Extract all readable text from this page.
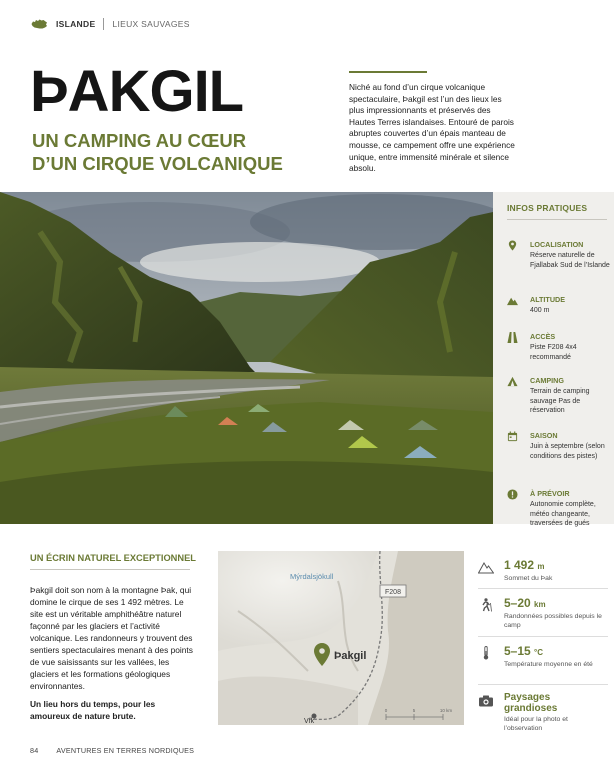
ISLANDE LIEUX SAUVAGES
ÞAKGIL
UN CAMPING AU CŒUR
D’UN CIRQUE VOLCANIQUE
Niché au fond d’un cirque volcanique spectaculaire, Þakgil est l’un des lieux les plus impressionnants et préservés des Hautes Terres islandaises. Entouré de parois abruptes couvertes d’un épais manteau de mousse, ce campement offre une expérience unique, entre immensité minérale et silence absolu.
INFOS PRATIQUES
LOCALISATION
Réserve naturelle de Fjallabak Sud de l’Islande
ALTITUDE
400 m
ACCÈS
Piste F208 4x4 recommandé
CAMPING
Terrain de camping sauvage Pas de réservation
SAISON
Juin à septembre (selon conditions des pistes)
À PRÉVOIR
Autonomie complète, météo changeante, traversées de gués
UN ÉCRIN NATUREL EXCEPTIONNEL
Þakgil doit son nom à la montagne Þak, qui domine le cirque de ses 1 492 mètres. Le site est un véritable amphithéâtre naturel façonné par les glaciers et l’activité volcanique. Les randonneurs y trouvent des sentiers spectaculaires menant à des points de vue saisissants sur les vallées, les glaciers et les formations géologiques environnantes.
Un lieu hors du temps, pour les amoureux de nature brute.
Mýrdalsjökull
F208
Þakgil
Vík
0	5	10 km
1 492 m
Sommet du Þak
5–20 km
Randonnées possibles depuis le camp
5–15 °C
Température moyenne en été
Paysages grandioses
Idéal pour la photo et l’observation
84	AVENTURES EN TERRES NORDIQUES
